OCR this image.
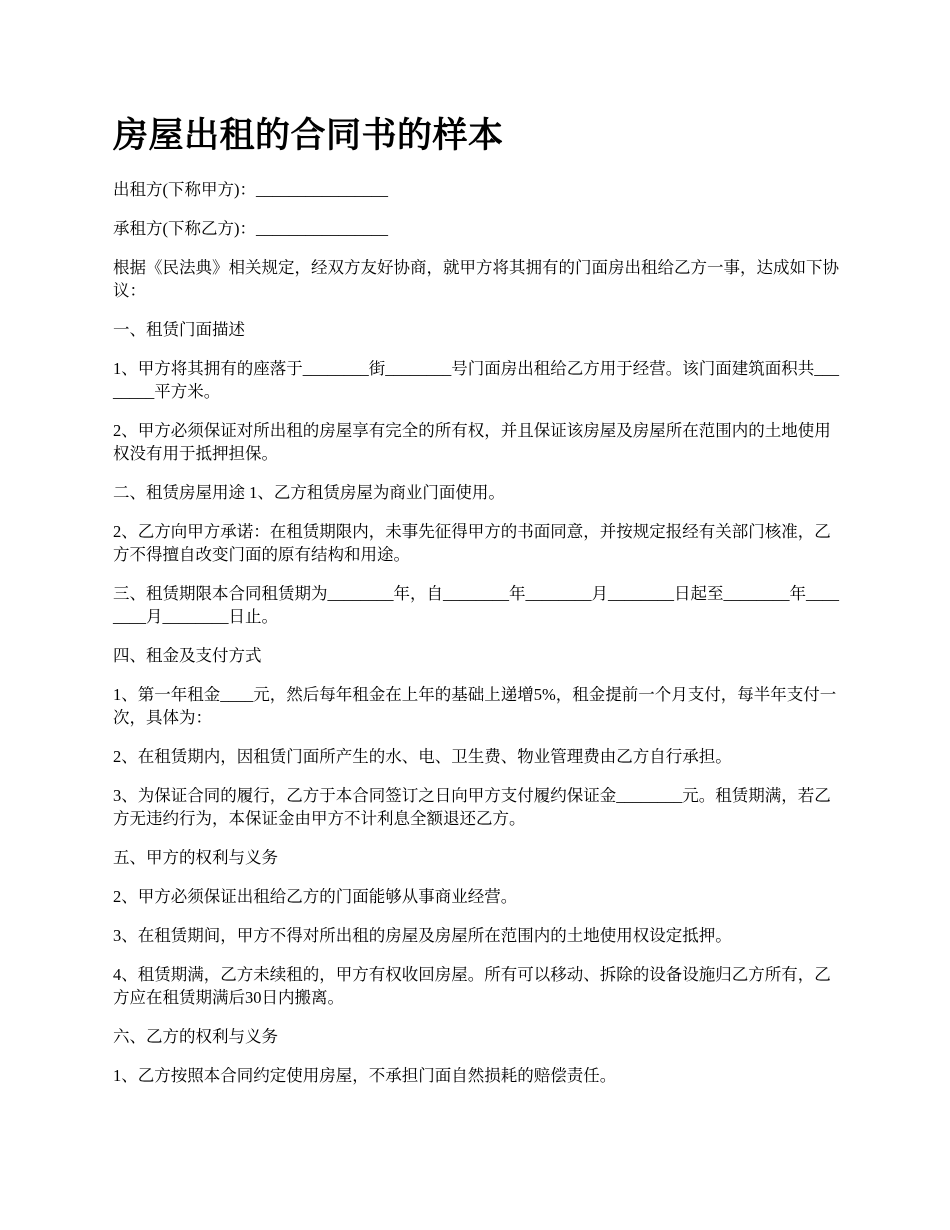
房屋出租的合同书的样本

出租方(下称甲方)：________________

承租方(下称乙方)：________________

根据《民法典》相关规定，经双方友好协商，就甲方将其拥有的门面房出租给乙方一事，达成如下协议：

一、租赁门面描述

1、甲方将其拥有的座落于________街________号门面房出租给乙方用于经营。该门面建筑面积共________平方米。

2、甲方必须保证对所出租的房屋享有完全的所有权，并且保证该房屋及房屋所在范围内的土地使用权没有用于抵押担保。

二、租赁房屋用途 1、乙方租赁房屋为商业门面使用。

2、乙方向甲方承诺：在租赁期限内，未事先征得甲方的书面同意，并按规定报经有关部门核准，乙方不得擅自改变门面的原有结构和用途。

三、租赁期限本合同租赁期为________年，自________年________月________日起至________年________月________日止。

四、租金及支付方式

1、第一年租金____元，然后每年租金在上年的基础上递增5%，租金提前一个月支付，每半年支付一次，具体为：

2、在租赁期内，因租赁门面所产生的水、电、卫生费、物业管理费由乙方自行承担。

3、为保证合同的履行，乙方于本合同签订之日向甲方支付履约保证金________元。租赁期满，若乙方无违约行为，本保证金由甲方不计利息全额退还乙方。

五、甲方的权利与义务

2、甲方必须保证出租给乙方的门面能够从事商业经营。

3、在租赁期间，甲方不得对所出租的房屋及房屋所在范围内的土地使用权设定抵押。

4、租赁期满，乙方未续租的，甲方有权收回房屋。所有可以移动、拆除的设备设施归乙方所有，乙方应在租赁期满后30日内搬离。

六、乙方的权利与义务

1、乙方按照本合同约定使用房屋，不承担门面自然损耗的赔偿责任。
